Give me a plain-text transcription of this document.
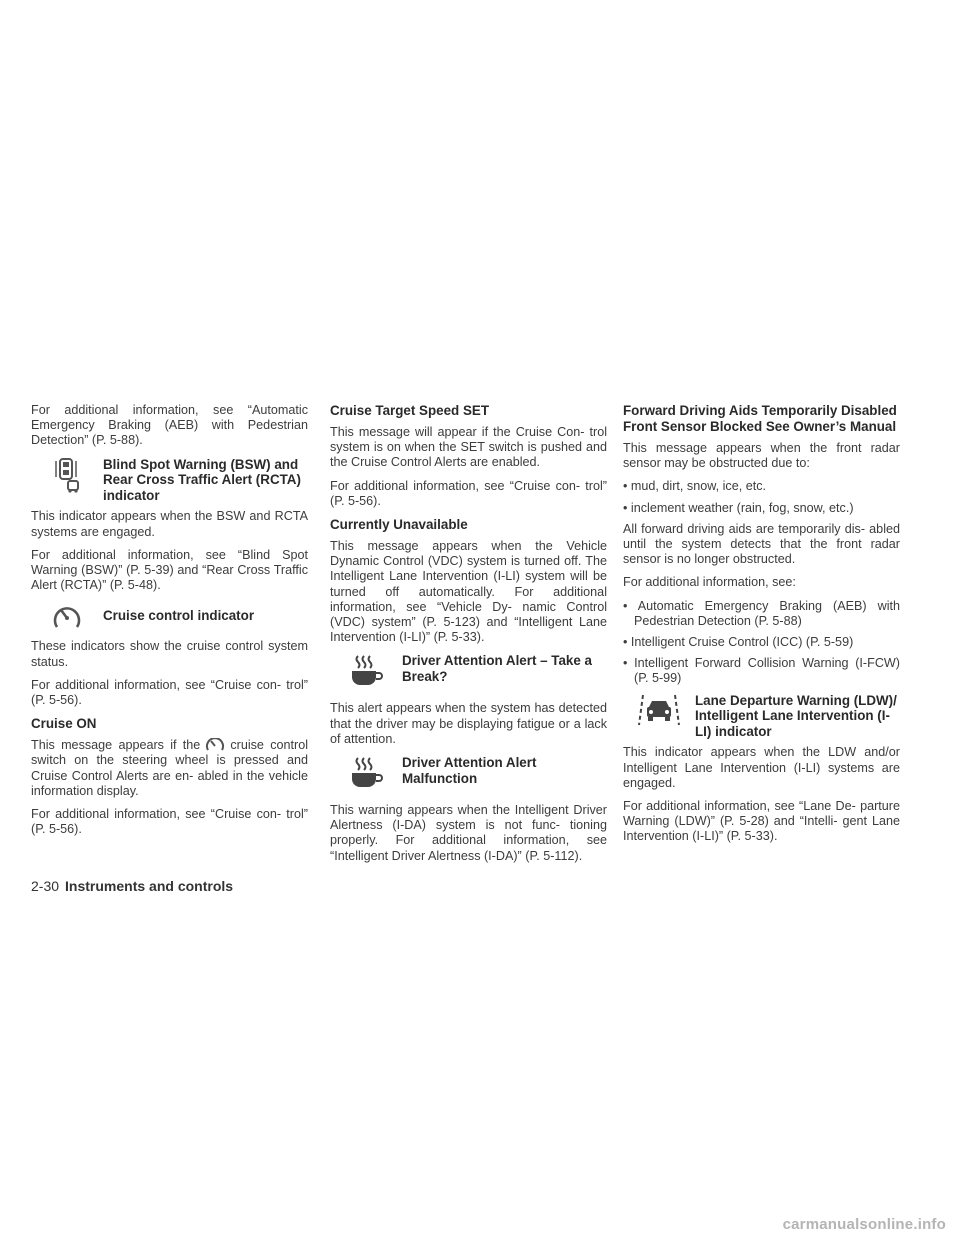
For additional information, see “Automatic Emergency Braking (AEB) with Pedestrian Detection” (P. 5-88).

Blind Spot Warning (BSW) and Rear Cross Traffic Alert (RCTA) indicator

This indicator appears when the BSW and RCTA systems are engaged.

For additional information, see “Blind Spot Warning (BSW)” (P. 5-39) and “Rear Cross Traffic Alert (RCTA)” (P. 5-48).

Cruise control indicator

These indicators show the cruise control system status.

For additional information, see “Cruise con- trol” (P. 5-56).

Cruise ON

This message appears if the cruise control switch on the steering wheel is pressed and Cruise Control Alerts are en- abled in the vehicle information display.

For additional information, see “Cruise con- trol” (P. 5-56).

Cruise Target Speed SET

This message will appear if the Cruise Con- trol system is on when the SET switch is pushed and the Cruise Control Alerts are enabled.

For additional information, see “Cruise con- trol” (P. 5-56).

Currently Unavailable

This message appears when the Vehicle Dynamic Control (VDC) system is turned off. The Intelligent Lane Intervention (I-LI) system will be turned off automatically. For additional information, see “Vehicle Dy- namic Control (VDC) system” (P. 5-123) and “Intelligent Lane Intervention (I-LI)” (P. 5-33).

Driver Attention Alert – Take a Break?

This alert appears when the system has detected that the driver may be displaying fatigue or a lack of attention.

Driver Attention Alert Malfunction

This warning appears when the Intelligent Driver Alertness (I-DA) system is not func- tioning properly. For additional information, see “Intelligent Driver Alertness (I-DA)” (P. 5-112).

Forward Driving Aids Temporarily Disabled Front Sensor Blocked See Owner’s Manual

This message appears when the front radar sensor may be obstructed due to:

• mud, dirt, snow, ice, etc.
• inclement weather (rain, fog, snow, etc.)

All forward driving aids are temporarily dis- abled until the system detects that the front radar sensor is no longer obstructed.

For additional information, see:

• Automatic Emergency Braking (AEB) with Pedestrian Detection (P. 5-88)
• Intelligent Cruise Control (ICC) (P. 5-59)
• Intelligent Forward Collision Warning (I-FCW) (P. 5-99)
Lane Departure Warning (LDW)/ Intelligent Lane Intervention (I-LI) indicator

This indicator appears when the LDW and/or Intelligent Lane Intervention (I-LI) systems are engaged.

For additional information, see “Lane De- parture Warning (LDW)” (P. 5-28) and “Intelli- gent Lane Intervention (I-LI)” (P. 5-33).

2-30 Instruments and controls
carmanualsonline.info
